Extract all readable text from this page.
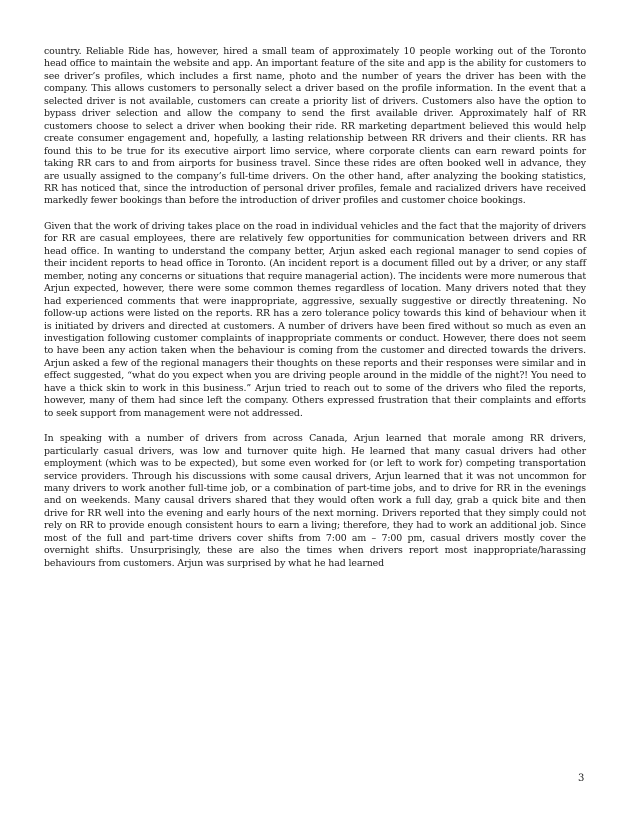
country. Reliable Ride has, however, hired a small team of approximately 10 people working out of the Toronto head office to maintain the website and app. An important feature of the site and app is the ability for customers to see driver’s profiles, which includes a first name, photo and the number of years the driver has been with the company. This allows customers to personally select a driver based on the profile information. In the event that a selected driver is not available, customers can create a priority list of drivers. Customers also have the option to bypass driver selection and allow the company to send the first available driver. Approximately half of RR customers choose to select a driver when booking their ride. RR marketing department believed this would help create consumer engagement and, hopefully, a lasting relationship between RR drivers and their clients. RR has found this to be true for its executive airport limo service, where corporate clients can earn reward points for taking RR cars to and from airports for business travel. Since these rides are often booked well in advance, they are usually assigned to the company’s full-time drivers. On the other hand, after analyzing the booking statistics, RR has noticed that, since the introduction of personal driver profiles, female and racialized drivers have received markedly fewer bookings than before the introduction of driver profiles and customer choice bookings.

Given that the work of driving takes place on the road in individual vehicles and the fact that the majority of drivers for RR are casual employees, there are relatively few opportunities for communication between drivers and RR head office. In wanting to understand the company better, Arjun asked each regional manager to send copies of their incident reports to head office in Toronto. (An incident report is a document filled out by a driver, or any staff member, noting any concerns or situations that require managerial action). The incidents were more numerous that Arjun expected, however, there were some common themes regardless of location. Many drivers noted that they had experienced comments that were inappropriate, aggressive, sexually suggestive or directly threatening. No follow-up actions were listed on the reports. RR has a zero tolerance policy towards this kind of behaviour when it is initiated by drivers and directed at customers. A number of drivers have been fired without so much as even an investigation following customer complaints of inappropriate comments or conduct. However, there does not seem to have been any action taken when the behaviour is coming from the customer and directed towards the drivers. Arjun asked a few of the regional managers their thoughts on these reports and their responses were similar and in effect suggested, “what do you expect when you are driving people around in the middle of the night?! You need to have a thick skin to work in this business.” Arjun tried to reach out to some of the drivers who filed the reports, however, many of them had since left the company. Others expressed frustration that their complaints and efforts to seek support from management were not addressed.

In speaking with a number of drivers from across Canada, Arjun learned that morale among RR drivers, particularly casual drivers, was low and turnover quite high. He learned that many casual drivers had other employment (which was to be expected), but some even worked for (or left to work for) competing transportation service providers. Through his discussions with some causal drivers, Arjun learned that it was not uncommon for many drivers to work another full-time job, or a combination of part-time jobs, and to drive for RR in the evenings and on weekends. Many causal drivers shared that they would often work a full day, grab a quick bite and then drive for RR well into the evening and early hours of the next morning. Drivers reported that they simply could not rely on RR to provide enough consistent hours to earn a living; therefore, they had to work an additional job. Since most of the full and part-time drivers cover shifts from 7:00 am – 7:00 pm, casual drivers mostly cover the overnight shifts. Unsurprisingly, these are also the times when drivers report most inappropriate/harassing behaviours from customers. Arjun was surprised by what he had learned

3
